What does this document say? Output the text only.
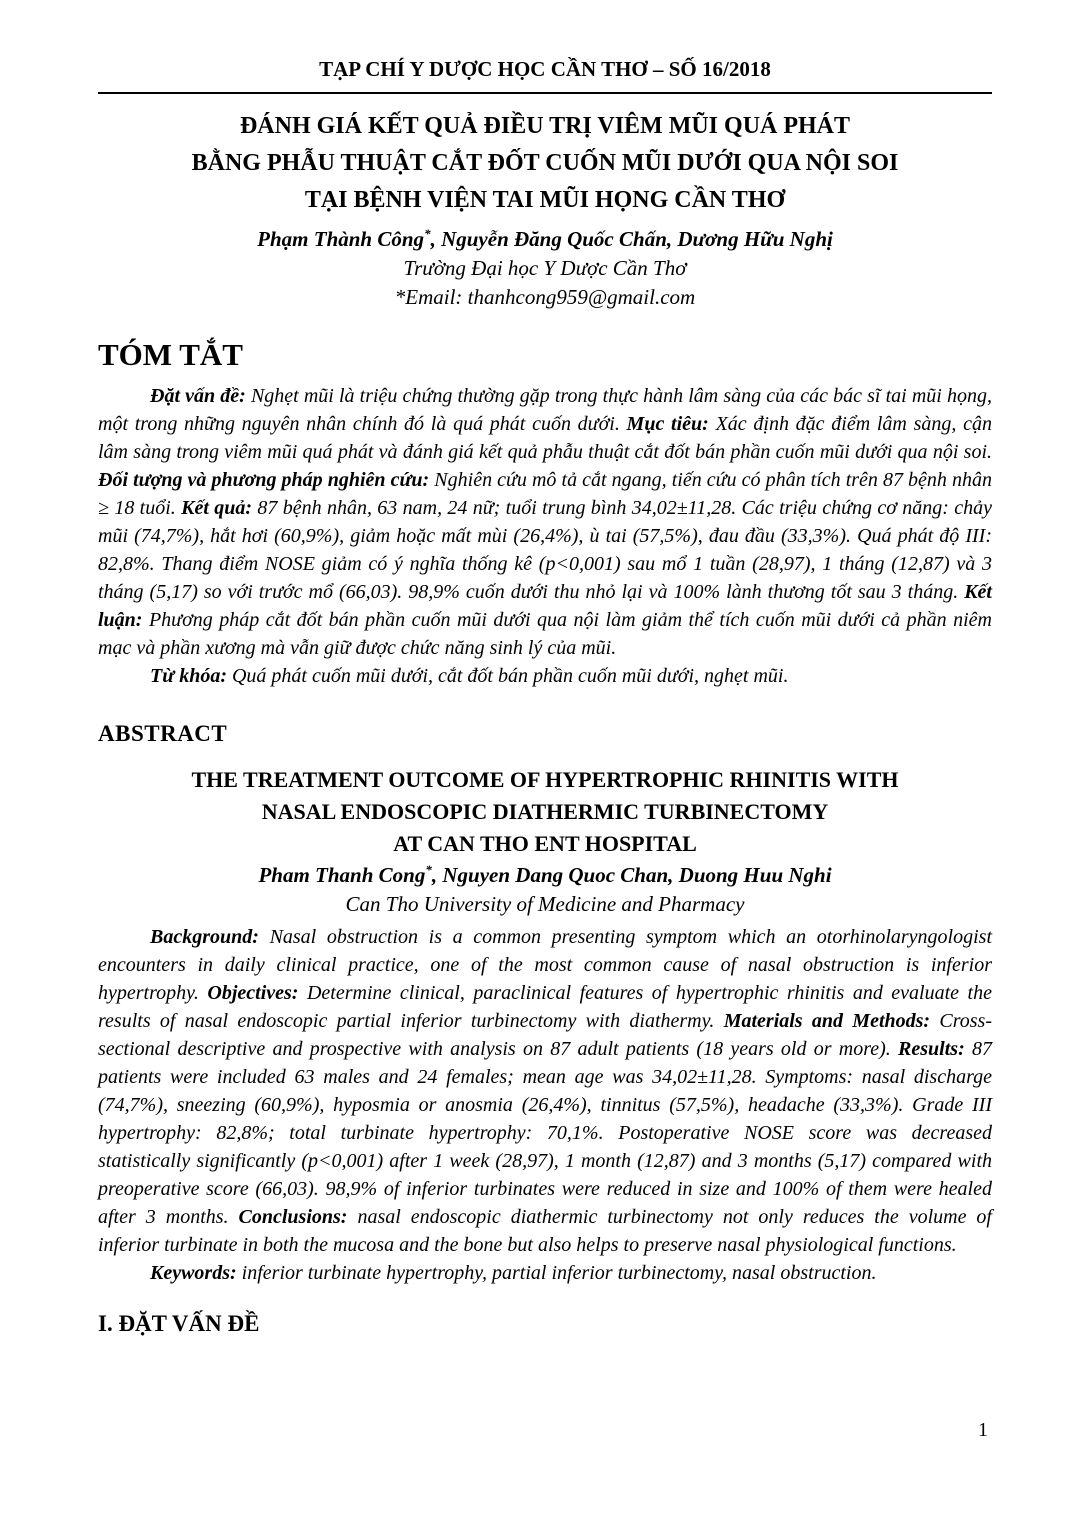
TẠP CHÍ Y DƯỢC HỌC CẦN THƠ – SỐ 16/2018
ĐÁNH GIÁ KẾT QUẢ ĐIỀU TRỊ VIÊM MŨI QUÁ PHÁT
BẰNG PHẪU THUẬT CẮT ĐỐT CUỐN MŨI DƯỚI QUA NỘI SOI
TẠI BỆNH VIỆN TAI MŨI HỌNG CẦN THƠ
Phạm Thành Công*, Nguyễn Đăng Quốc Chấn, Dương Hữu Nghị
Trường Đại học Y Dược Cần Thơ
*Email: thanhcong959@gmail.com
TÓM TẮT

Đặt vấn đề: Nghẹt mũi là triệu chứng thường gặp trong thực hành lâm sàng của các bác sĩ tai mũi họng, một trong những nguyên nhân chính đó là quá phát cuốn dưới. Mục tiêu: Xác định đặc điểm lâm sàng, cận lâm sàng trong viêm mũi quá phát và đánh giá kết quả phẫu thuật cắt đốt bán phần cuốn mũi dưới qua nội soi. Đối tượng và phương pháp nghiên cứu: Nghiên cứu mô tả cắt ngang, tiến cứu có phân tích trên 87 bệnh nhân ≥ 18 tuổi. Kết quả: 87 bệnh nhân, 63 nam, 24 nữ; tuổi trung bình 34,02±11,28. Các triệu chứng cơ năng: chảy mũi (74,7%), hắt hơi (60,9%), giảm hoặc mất mùi (26,4%), ù tai (57,5%), đau đầu (33,3%). Quá phát độ III: 82,8%. Thang điểm NOSE giảm có ý nghĩa thống kê (p<0,001) sau mổ 1 tuần (28,97), 1 tháng (12,87) và 3 tháng (5,17) so với trước mổ (66,03). 98,9% cuốn dưới thu nhỏ lại và 100% lành thương tốt sau 3 tháng. Kết luận: Phương pháp cắt đốt bán phần cuốn mũi dưới qua nội làm giảm thể tích cuốn mũi dưới cả phần niêm mạc và phần xương mà vẫn giữ được chức năng sinh lý của mũi.

Từ khóa: Quá phát cuốn mũi dưới, cắt đốt bán phần cuốn mũi dưới, nghẹt mũi.

ABSTRACT
THE TREATMENT OUTCOME OF HYPERTROPHIC RHINITIS WITH
NASAL ENDOSCOPIC DIATHERMIC TURBINECTOMY
AT CAN THO ENT HOSPITAL
Pham Thanh Cong*, Nguyen Dang Quoc Chan, Duong Huu Nghi
Can Tho University of Medicine and Pharmacy

Background: Nasal obstruction is a common presenting symptom which an otorhinolaryngologist encounters in daily clinical practice, one of the most common cause of nasal obstruction is inferior hypertrophy. Objectives: Determine clinical, paraclinical features of hypertrophic rhinitis and evaluate the results of nasal endoscopic partial inferior turbinectomy with diathermy. Materials and Methods: Cross-sectional descriptive and prospective with analysis on 87 adult patients (18 years old or more). Results: 87 patients were included 63 males and 24 females; mean age was 34,02±11,28. Symptoms: nasal discharge (74,7%), sneezing (60,9%), hyposmia or anosmia (26,4%), tinnitus (57,5%), headache (33,3%). Grade III hypertrophy: 82,8%; total turbinate hypertrophy: 70,1%. Postoperative NOSE score was decreased statistically significantly (p<0,001) after 1 week (28,97), 1 month (12,87) and 3 months (5,17) compared with preoperative score (66,03). 98,9% of inferior turbinates were reduced in size and 100% of them were healed after 3 months. Conclusions: nasal endoscopic diathermic turbinectomy not only reduces the volume of inferior turbinate in both the mucosa and the bone but also helps to preserve nasal physiological functions.

Keywords: inferior turbinate hypertrophy, partial inferior turbinectomy, nasal obstruction.

I. ĐẶT VẤN ĐỀ
1
